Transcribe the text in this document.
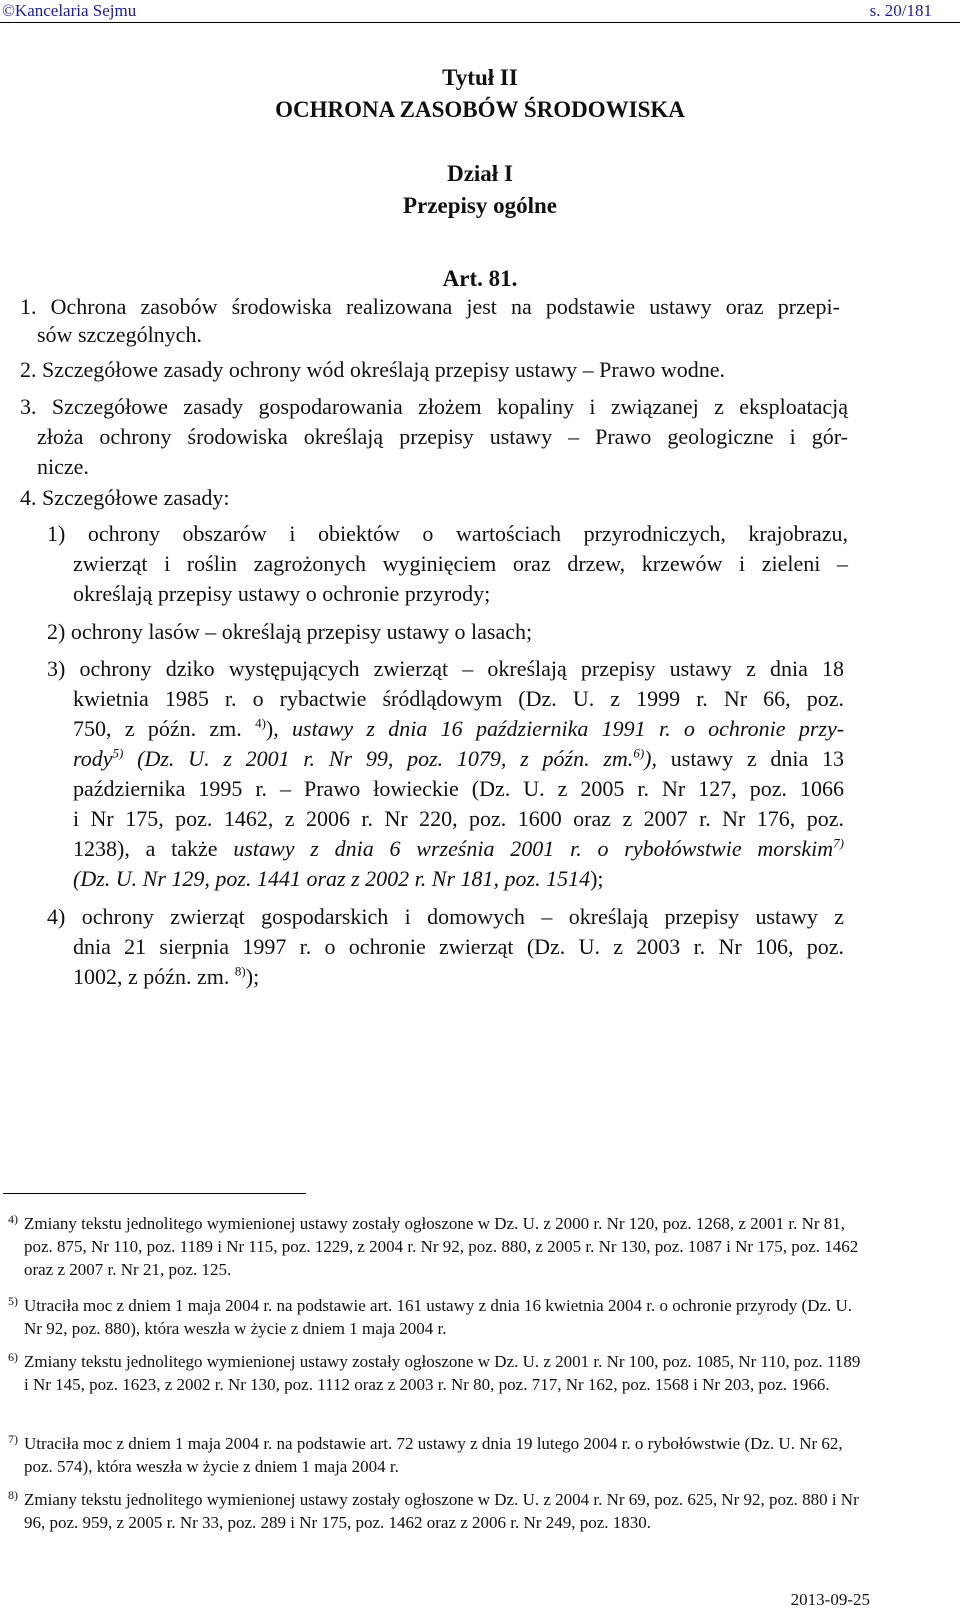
©Kancelaria Sejmu	s. 20/181
Tytuł II
OCHRONA ZASOBÓW ŚRODOWISKA
Dział I
Przepisy ogólne
Art. 81.
1. Ochrona zasobów środowiska realizowana jest na podstawie ustawy oraz przepi-
sów szczególnych.
2. Szczegółowe zasady ochrony wód określają przepisy ustawy – Prawo wodne.
3. Szczegółowe zasady gospodarowania złożem kopaliny i związanej z eksploatacją
złoża ochrony środowiska określają przepisy ustawy – Prawo geologiczne i gór-
nicze.
4. Szczegółowe zasady:
1) ochrony obszarów i obiektów o wartościach przyrodniczych, krajobrazu,
zwierząt i roślin zagrożonych wyginięciem oraz drzew, krzewów i zieleni –
określają przepisy ustawy o ochronie przyrody;
2) ochrony lasów – określają przepisy ustawy o lasach;
3) ochrony dziko występujących zwierząt – określają przepisy ustawy z dnia 18
kwietnia 1985 r. o rybactwie śródlądowym (Dz. U. z 1999 r. Nr 66, poz.
750, z późn. zm. $^{4)}$), ustawy z dnia 16 października 1991 r. o ochronie przy-
rody$^{5)}$ (Dz. U. z 2001 r. Nr 99, poz. 1079, z późn. zm.$^{6)}$), ustawy z dnia 13
października 1995 r. – Prawo łowieckie (Dz. U. z 2005 r. Nr 127, poz. 1066
i Nr 175, poz. 1462, z 2006 r. Nr 220, poz. 1600 oraz z 2007 r. Nr 176, poz.
1238), a także ustawy z dnia 6 września 2001 r. o rybołówstwie morskim$^{7)}$
(Dz. U. Nr 129, poz. 1441 oraz z 2002 r. Nr 181, poz. 1514);
4) ochrony zwierząt gospodarskich i domowych – określają przepisy ustawy z
dnia 21 sierpnia 1997 r. o ochronie zwierząt (Dz. U. z 2003 r. Nr 106, poz.
1002, z późn. zm. $^{8)}$);
4) Zmiany tekstu jednolitego wymienionej ustawy zostały ogłoszone w Dz. U. z 2000 r. Nr 120, poz. 1268, z 2001 r. Nr 81, poz. 875, Nr 110, poz. 1189 i Nr 115, poz. 1229, z 2004 r. Nr 92, poz. 880, z 2005 r. Nr 130, poz. 1087 i Nr 175, poz. 1462 oraz z 2007 r. Nr 21, poz. 125.
5) Utraciła moc z dniem 1 maja 2004 r. na podstawie art. 161 ustawy z dnia 16 kwietnia 2004 r. o ochronie przyrody (Dz. U. Nr 92, poz. 880), która weszła w życie z dniem 1 maja 2004 r.
6) Zmiany tekstu jednolitego wymienionej ustawy zostały ogłoszone w Dz. U. z 2001 r. Nr 100, poz. 1085, Nr 110, poz. 1189 i Nr 145, poz. 1623, z 2002 r. Nr 130, poz. 1112 oraz z 2003 r. Nr 80, poz. 717, Nr 162, poz. 1568 i Nr 203, poz. 1966.
7) Utraciła moc z dniem 1 maja 2004 r. na podstawie art. 72 ustawy z dnia 19 lutego 2004 r. o rybołówstwie (Dz. U. Nr 62, poz. 574), która weszła w życie z dniem 1 maja 2004 r.
8) Zmiany tekstu jednolitego wymienionej ustawy zostały ogłoszone w Dz. U. z 2004 r. Nr 69, poz. 625, Nr 92, poz. 880 i Nr 96, poz. 959, z 2005 r. Nr 33, poz. 289 i Nr 175, poz. 1462 oraz z 2006 r. Nr 249, poz. 1830.
2013-09-25
